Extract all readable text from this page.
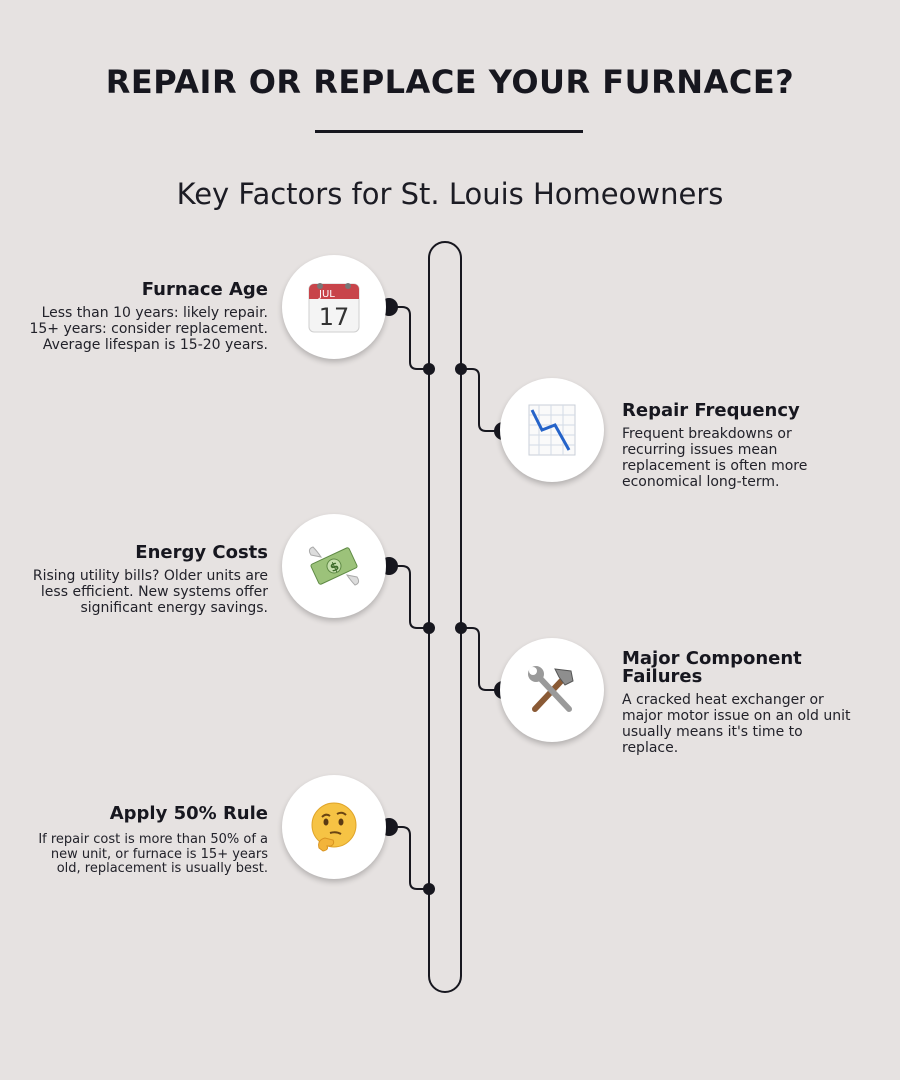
REPAIR OR REPLACE YOUR FURNACE?
Key Factors for St. Louis Homeowners
JUL
17
Furnace Age

Less than 10 years: likely repair. 15+ years: consider replacement. Average lifespan is 15-20 years.

Repair Frequency

Frequent breakdowns or recurring issues mean replacement is often more economical long-term.

$
Energy Costs

Rising utility bills? Older units are less efficient. New systems offer significant energy savings.

Major Component Failures

A cracked heat exchanger or major motor issue on an old unit usually means it's time to replace.

Apply 50% Rule

If repair cost is more than 50% of a new unit, or furnace is 15+ years old, replacement is usually best.
